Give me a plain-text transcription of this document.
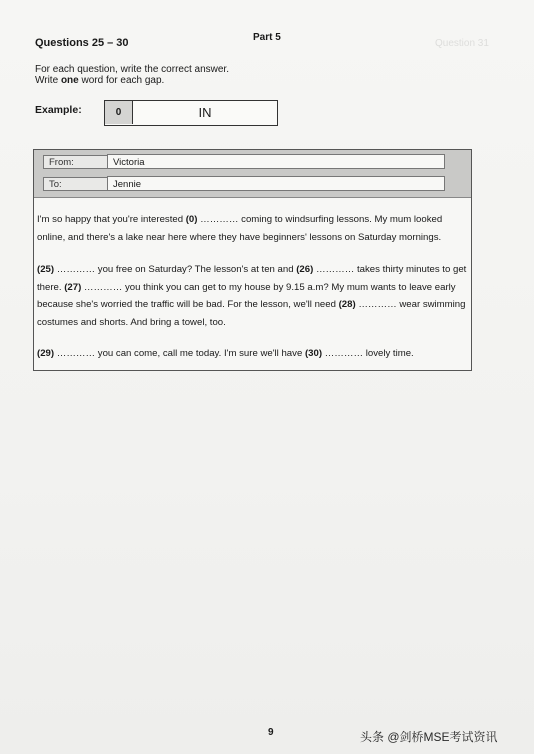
Question 31
Questions 25 – 30	Part 5
For each question, write the correct answer.
Write one word for each gap.
Example:	0	IN
From:	Victoria
To:	Jennie
I'm so happy that you're interested (0) ………… coming to windsurfing lessons. My mum looked online, and there's a lake near here where they have beginners' lessons on Saturday mornings.
(25) ………… you free on Saturday? The lesson's at ten and (26) ………… takes thirty minutes to get there. (27) ………… you think you can get to my house by 9.15 a.m? My mum wants to leave early because she's worried the traffic will be bad. For the lesson, we'll need (28) ………… wear swimming costumes and shorts. And bring a towel, too.
(29) ………… you can come, call me today. I'm sure we'll have (30) ………… lovely time.
9	头条 @剑桥MSE考试资讯
